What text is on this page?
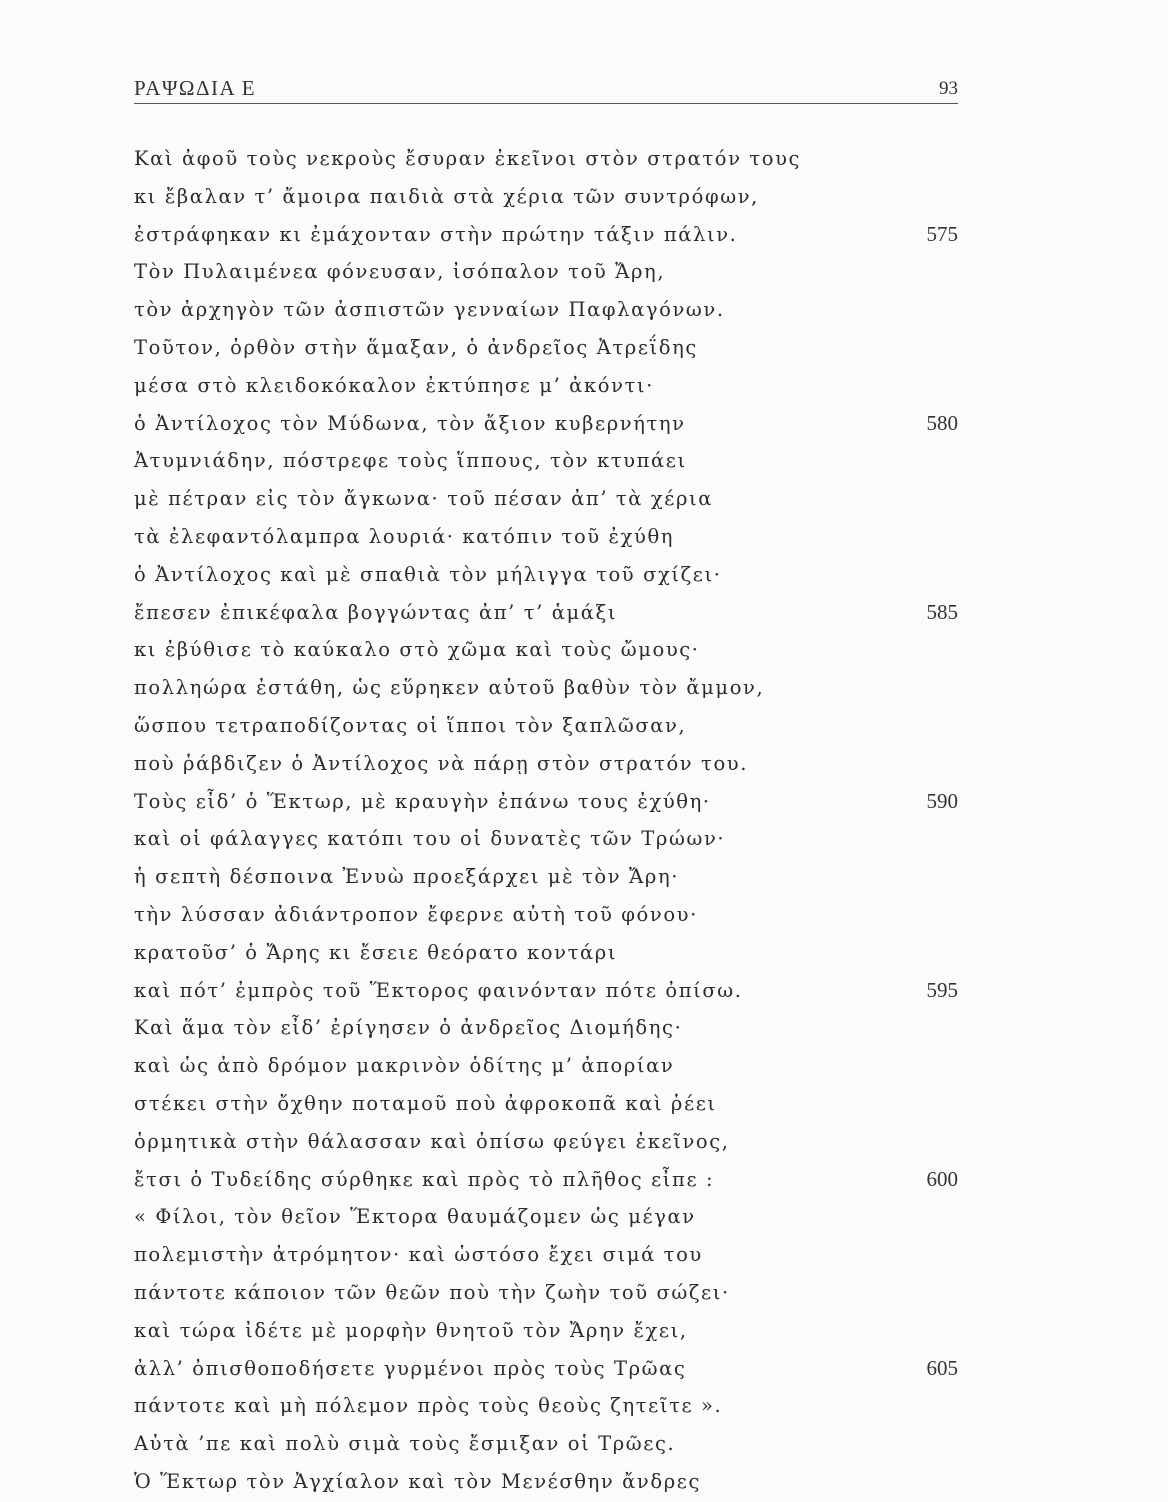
ΡΑΨΩΔΙΑ Ε	93
Καὶ ἀφοῦ τοὺς νεκροὺς ἔσυραν ἐκεῖνοι στὸν στρατόν τους
κι ἔβαλαν τ’ ἄμοιρα παιδιὰ στὰ χέρια τῶν συντρόφων,
ἐστράφηκαν κι ἐμάχονταν στὴν πρώτην τάξιν πάλιν.	575
Τὸν Πυλαιμένεα φόνευσαν, ἰσόπαλον τοῦ Ἄρη,
τὸν ἀρχηγὸν τῶν ἀσπιστῶν γενναίων Παφλαγόνων.
Τοῦτον, ὀρθὸν στὴν ἅμαξαν, ὁ ἀνδρεῖος Ἀτρεΐδης
μέσα στὸ κλειδοκόκαλον ἐκτύπησε μ’ ἀκόντι·
ὁ Ἀντίλοχος τὸν Μύδωνα, τὸν ἄξιον κυβερνήτην	580
Ἀτυμνιάδην, πόστρεφε τοὺς ἵππους, τὸν κτυπάει
μὲ πέτραν εἰς τὸν ἄγκωνα· τοῦ πέσαν ἀπ’ τὰ χέρια
τὰ ἐλεφαντόλαμπρα λουριά· κατόπιν τοῦ ἐχύθη
ὁ Ἀντίλοχος καὶ μὲ σπαθιὰ τὸν μήλιγγα τοῦ σχίζει·
ἔπεσεν ἐπικέφαλα βογγώντας ἀπ’ τ’ ἁμάξι	585
κι ἐβύθισε τὸ καύκαλο στὸ χῶμα καὶ τοὺς ὤμους·
πολληώρα ἐστάθη, ὡς εὕρηκεν αὐτοῦ βαθὺν τὸν ἄμμον,
ὥσπου τετραποδίζοντας οἱ ἵπποι τὸν ξαπλῶσαν,
ποὺ ῥάβδιζεν ὁ Ἀντίλοχος νὰ πάρῃ στὸν στρατόν του.
Τοὺς εἶδ’ ὁ Ἕκτωρ, μὲ κραυγὴν ἐπάνω τους ἐχύθη·	590
καὶ οἱ φάλαγγες κατόπι του οἱ δυνατὲς τῶν Τρώων·
ἡ σεπτὴ δέσποινα Ἐνυὼ προεξάρχει μὲ τὸν Ἄρη·
τὴν λύσσαν ἀδιάντροπον ἔφερνε αὐτὴ τοῦ φόνου·
κρατοῦσ’ ὁ Ἄρης κι ἔσειε θεόρατο κοντάρι
καὶ πότ’ ἐμπρὸς τοῦ Ἕκτορος φαινόνταν πότε ὀπίσω.	595
Καὶ ἅμα τὸν εἶδ’ ἐρίγησεν ὁ ἀνδρεῖος Διομήδης·
καὶ ὡς ἀπὸ δρόμον μακρινὸν ὁδίτης μ’ ἀπορίαν
στέκει στὴν ὄχθην ποταμοῦ ποὺ ἀφροκοπᾶ καὶ ῥέει
ὁρμητικὰ στὴν θάλασσαν καὶ ὀπίσω φεύγει ἐκεῖνος,
ἔτσι ὁ Τυδείδης σύρθηκε καὶ πρὸς τὸ πλῆθος εἶπε :	600
« Φίλοι, τὸν θεῖον Ἕκτορα θαυμάζομεν ὡς μέγαν
πολεμιστὴν ἀτρόμητον· καὶ ὡστόσο ἔχει σιμά του
πάντοτε κάποιον τῶν θεῶν ποὺ τὴν ζωὴν τοῦ σώζει·
καὶ τώρα ἰδέτε μὲ μορφὴν θνητοῦ τὸν Ἄρην ἔχει,
ἀλλ’ ὀπισθοποδήσετε γυρμένοι πρὸς τοὺς Τρῶας	605
πάντοτε καὶ μὴ πόλεμον πρὸς τοὺς θεοὺς ζητεῖτε ».
Αὐτὰ ’πε καὶ πολὺ σιμὰ τοὺς ἔσμιξαν οἱ Τρῶες.
Ὁ Ἕκτωρ τὸν Ἀγχίαλον καὶ τὸν Μενέσθην ἄνδρες
